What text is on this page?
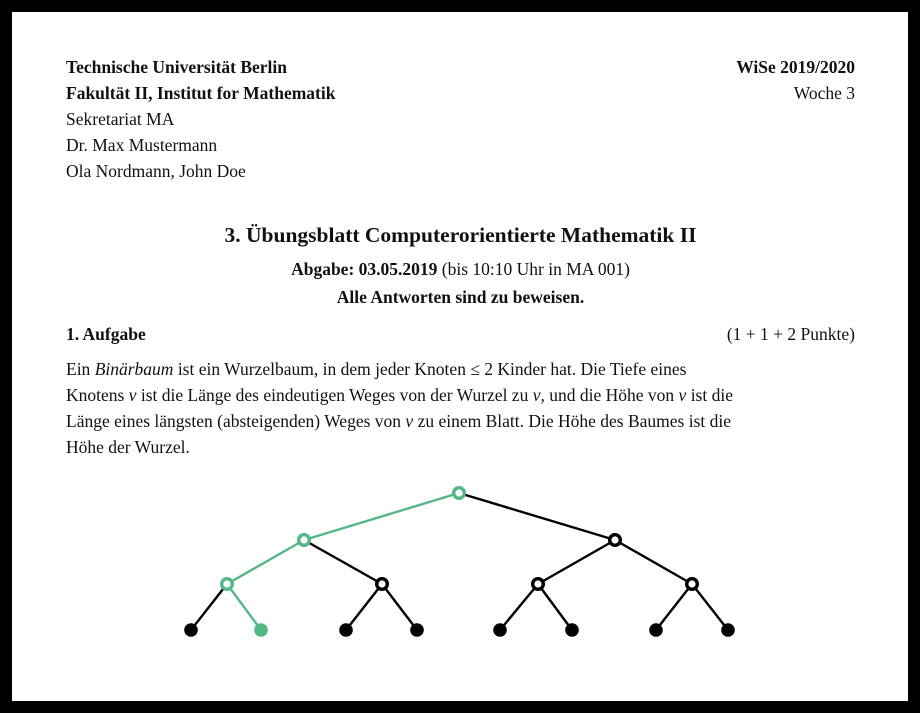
Technische Universität Berlin
Fakultät II, Institut for Mathematik
Sekretariat MA
Dr. Max Mustermann
Ola Nordmann, John Doe
WiSe 2019/2020
Woche 3
3. Übungsblatt Computerorientierte Mathematik II
Abgabe: 03.05.2019 (bis 10:10 Uhr in MA 001)
Alle Antworten sind zu beweisen.
1. Aufgabe	(1 + 1 + 2 Punkte)

Ein Binärbaum ist ein Wurzelbaum, in dem jeder Knoten ≤ 2 Kinder hat. Die Tiefe eines
Knotens v ist die Länge des eindeutigen Weges von der Wurzel zu v, und die Höhe von v ist die
Länge eines längsten (absteigenden) Weges von v zu einem Blatt. Die Höhe des Baumes ist die
Höhe der Wurzel.
